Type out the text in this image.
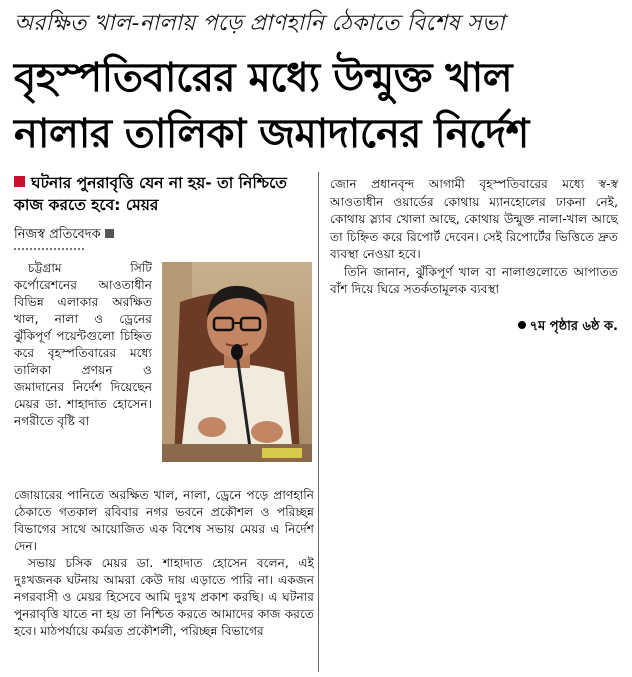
অরক্ষিত খাল-নালায় পড়ে প্রাণহানি ঠেকাতে বিশেষ সভা
বৃহস্পতিবারের মধ্যে উন্মুক্ত খাল
নালার তালিকা জমাদানের নির্দেশ
ঘটনার পুনরাবৃত্তি যেন না হয়- তা নিশ্চিতে কাজ করতে হবে: মেয়র
নিজস্ব প্রতিবেদক

চট্টগ্রাম সিটি কর্পোরেশনের আওতাধীন বিভিন্ন এলাকার অরক্ষিত খাল, নালা ও ড্রেনের ঝুঁকিপূর্ণ পয়েন্টগুলো চিহ্নিত করে বৃহস্পতিবারের মধ্যে তালিকা প্রণয়ন ও জমাদানের নির্দেশ দিয়েছেন মেয়র ডা. শাহাদাত হোসেন। নগরীতে বৃষ্টি বা

জোয়ারের পানিতে অরক্ষিত খাল, নালা, ড্রেনে পড়ে প্রাণহানি ঠেকাতে গতকাল রবিবার নগর ভবনে প্রকৌশল ও পরিচ্ছন্ন বিভাগের সাথে আয়োজিত এক বিশেষ সভায় মেয়র এ নির্দেশ দেন।

সভায় চসিক মেয়র ডা. শাহাদাত হোসেন বলেন, এই দুঃখজনক ঘটনায় আমরা কেউ দায় এড়াতে পারি না। একজন নগরবাসী ও মেয়র হিসেবে আমি দুঃখ প্রকাশ করছি। এ ঘটনার পুনরাবৃত্তি যাতে না হয় তা নিশ্চিত করতে আমাদের কাজ করতে হবে। মাঠপর্যায়ে কর্মরত প্রকৌশলী, পরিচ্ছন্ন বিভাগের

জোন প্রধানবৃন্দ আগামী বৃহস্পতিবারের মধ্যে স্ব-স্ব আওতাধীন ওয়ার্ডের কোথায় ম্যানহোলের ঢাকনা নেই, কোথায় স্ল্যাব খোলা আছে, কোথায় উন্মুক্ত নালা-খাল আছে তা চিহ্নিত করে রিপোর্ট দেবেন। সেই রিপোর্টের ভিত্তিতে দ্রুত ব্যবস্থা নেওয়া হবে।

তিনি জানান, ঝুঁকিপূর্ণ খাল বা নালাগুলোতে আপাতত বাঁশ দিয়ে ঘিরে সতর্কতামূলক ব্যবস্থা

৭ম পৃষ্ঠার ৬ষ্ঠ ক.
